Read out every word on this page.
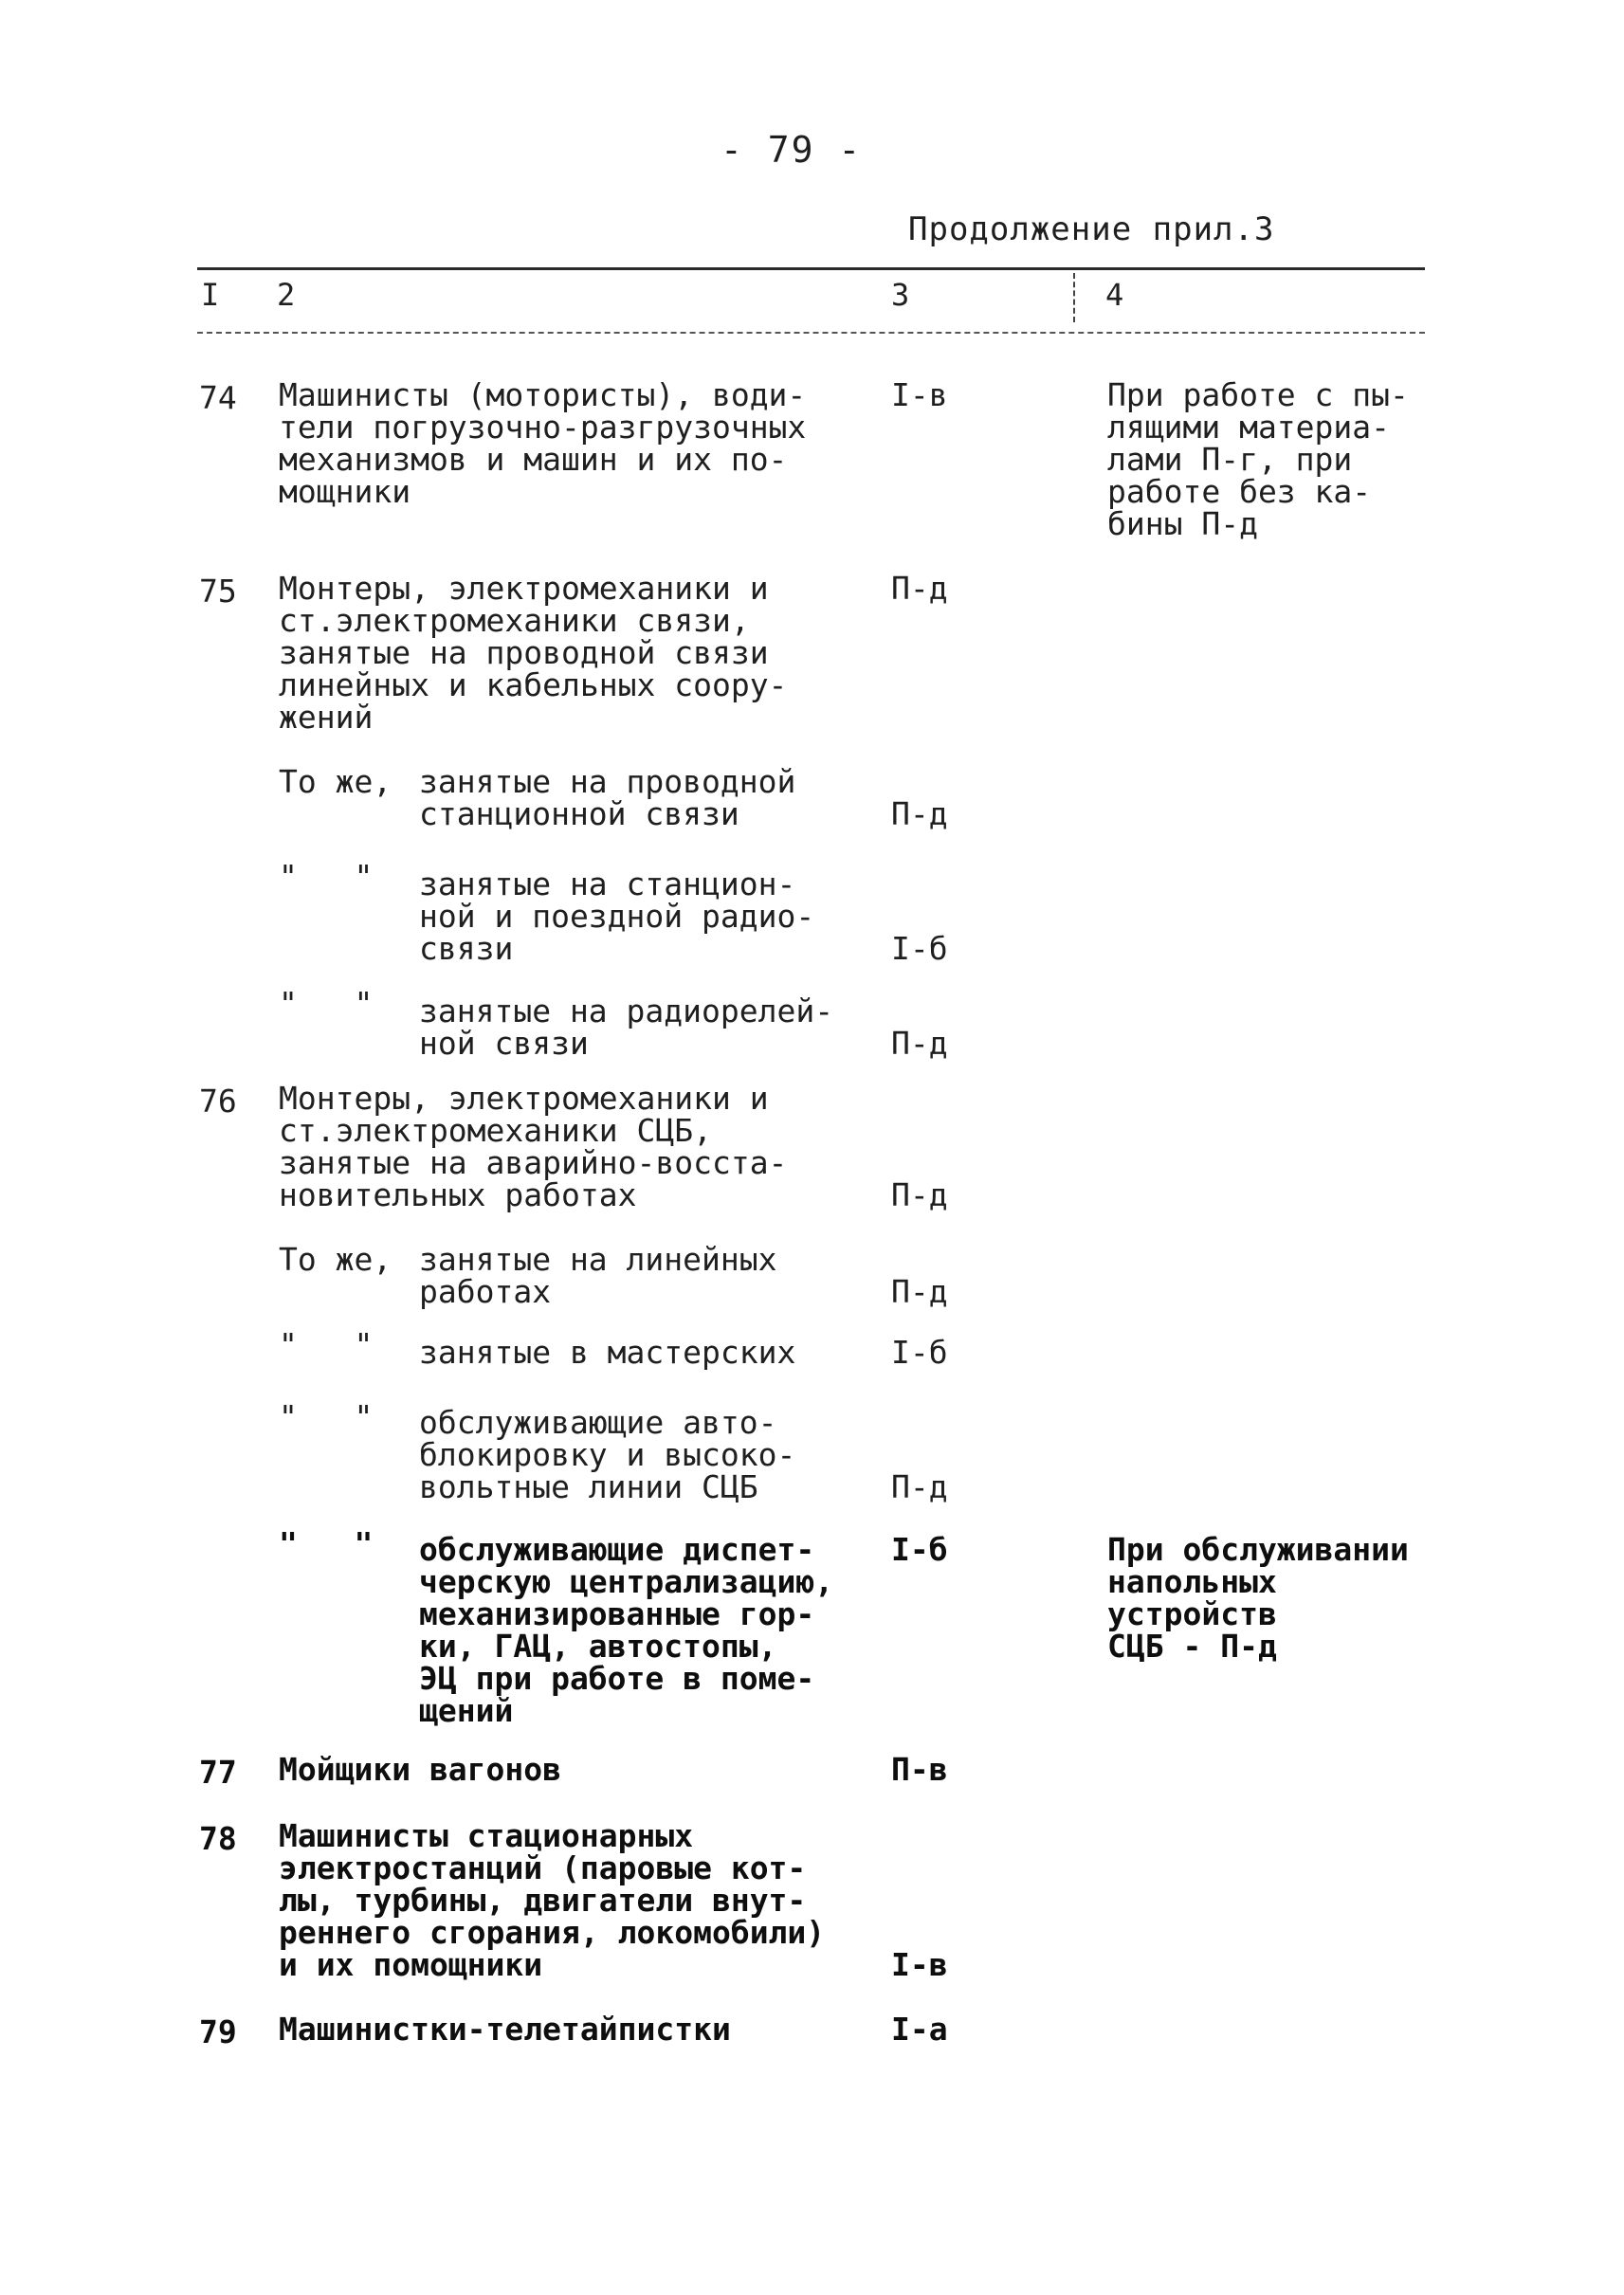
- 79 -
Продолжение прил.3
I 2	3	4
74 Машинисты (мотористы), води-
тели погрузочно-разгрузочных
механизмов и машин и их по-
мощники
I-в	При работе с пы-
лящими материа-
лами П-г, при
работе без ка-
бины П-д
75 Монтеры, электромеханики и
ст.электромеханики связи,
занятые на проводной связи
линейных и кабельных соору-
жений
П-д
То же, занятые на проводной
станционной связи	П-д
"   " занятые на станцион-
ной и поездной радио-
связи	I-б
"   " занятые на радиорелей-
ной связи	П-д
76 Монтеры, электромеханики и
ст.электромеханики СЦБ,
занятые на аварийно-восста-
новительных работах	П-д
То же, занятые на линейных
работах	П-д
"   " занятые в мастерских	I-б
"   " обслуживающие авто-
блокировку и высоко-
вольтные линии СЦБ	П-д
"   " обслуживающие диспет-
черскую централизацию,
механизированные гор-
ки, ГАЦ, автостопы,
ЭЦ при работе в поме-
щений
I-б	При обслуживании
напольных
устройств
СЦБ - П-д
77 Мойщики вагонов	П-в
78 Машинисты стационарных
электростанций (паровые кот-
лы, турбины, двигатели внут-
реннего сгорания, локомобили)
и их помощники	I-в
79 Машинистки-телетайпистки	I-а
